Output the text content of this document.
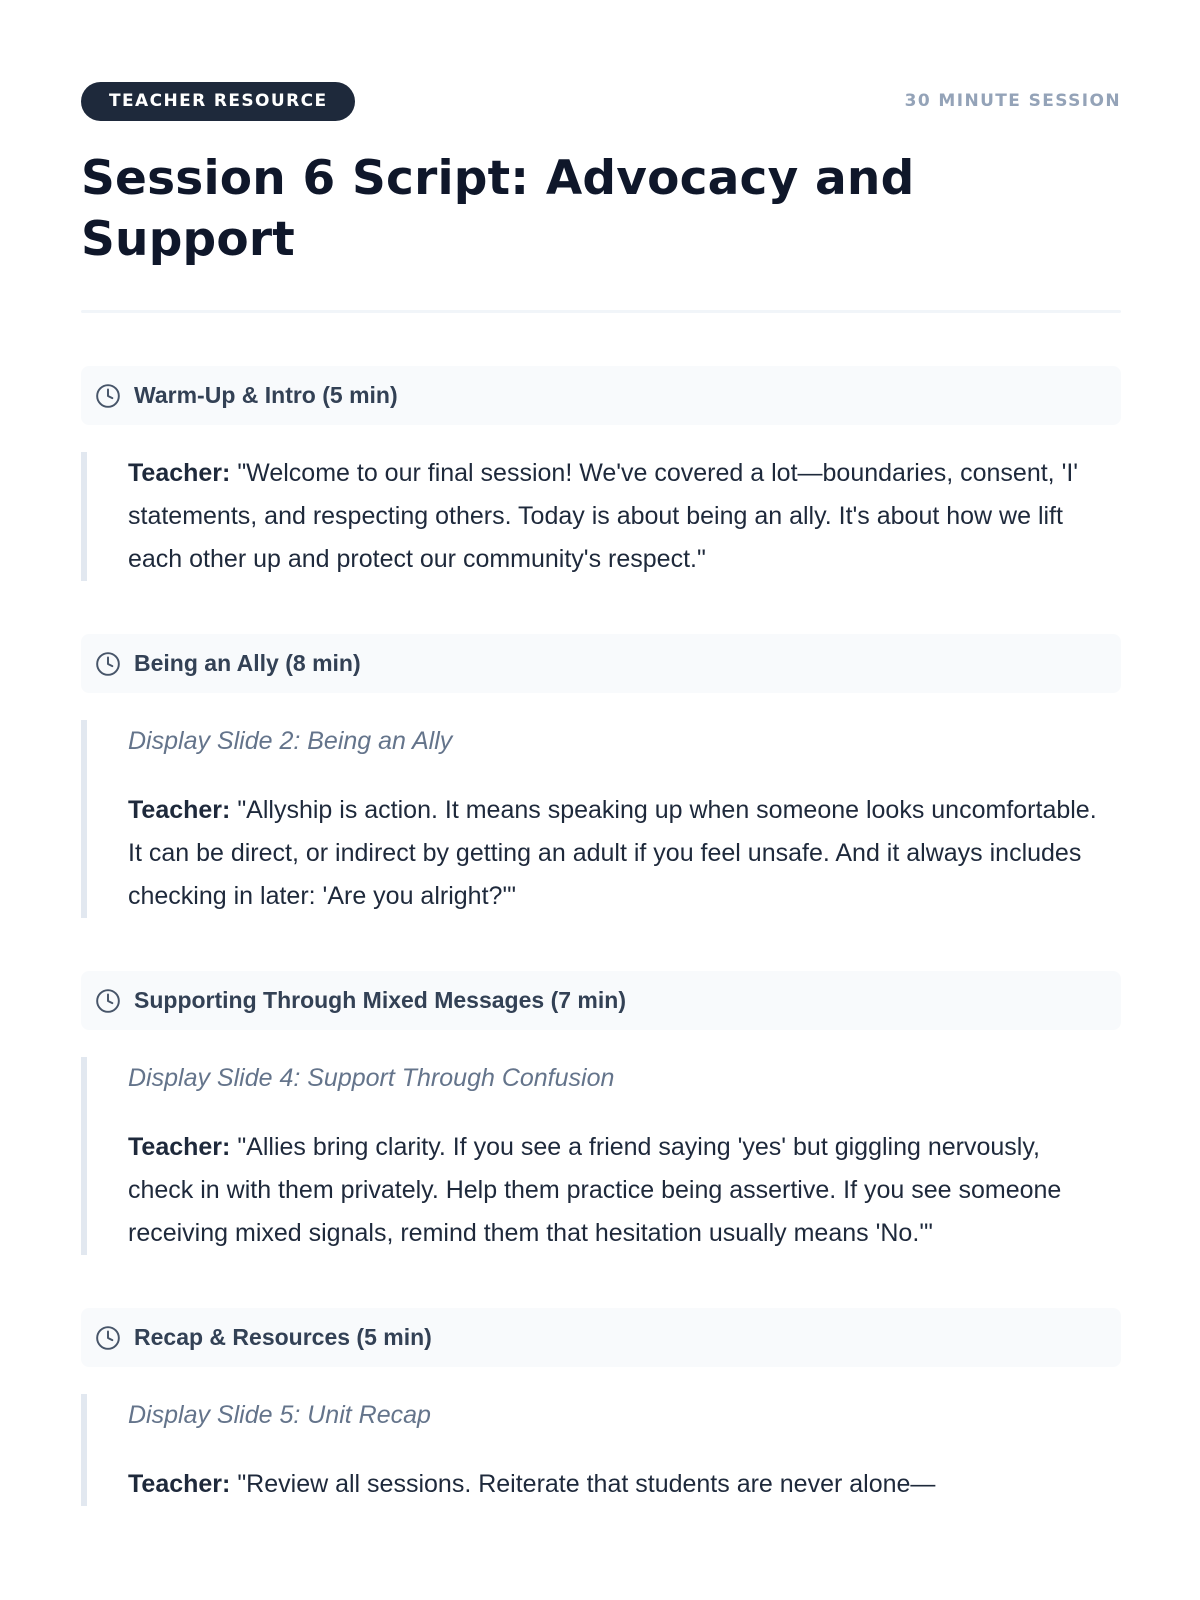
TEACHER RESOURCE	30 MINUTE SESSION
Session 6 Script: Advocacy and Support
Warm-Up & Intro (5 min)

Teacher: "Welcome to our final session! We've covered a lot—boundaries, consent, 'I' statements, and respecting others. Today is about being an ally. It's about how we lift each other up and protect our community's respect."

Being an Ally (8 min)

Display Slide 2: Being an Ally

Teacher: "Allyship is action. It means speaking up when someone looks uncomfortable. It can be direct, or indirect by getting an adult if you feel unsafe. And it always includes checking in later: 'Are you alright?'"

Supporting Through Mixed Messages (7 min)

Display Slide 4: Support Through Confusion

Teacher: "Allies bring clarity. If you see a friend saying 'yes' but giggling nervously, check in with them privately. Help them practice being assertive. If you see someone receiving mixed signals, remind them that hesitation usually means 'No.'"

Recap & Resources (5 min)

Display Slide 5: Unit Recap

Teacher: "Review all sessions. Reiterate that students are never alone—
